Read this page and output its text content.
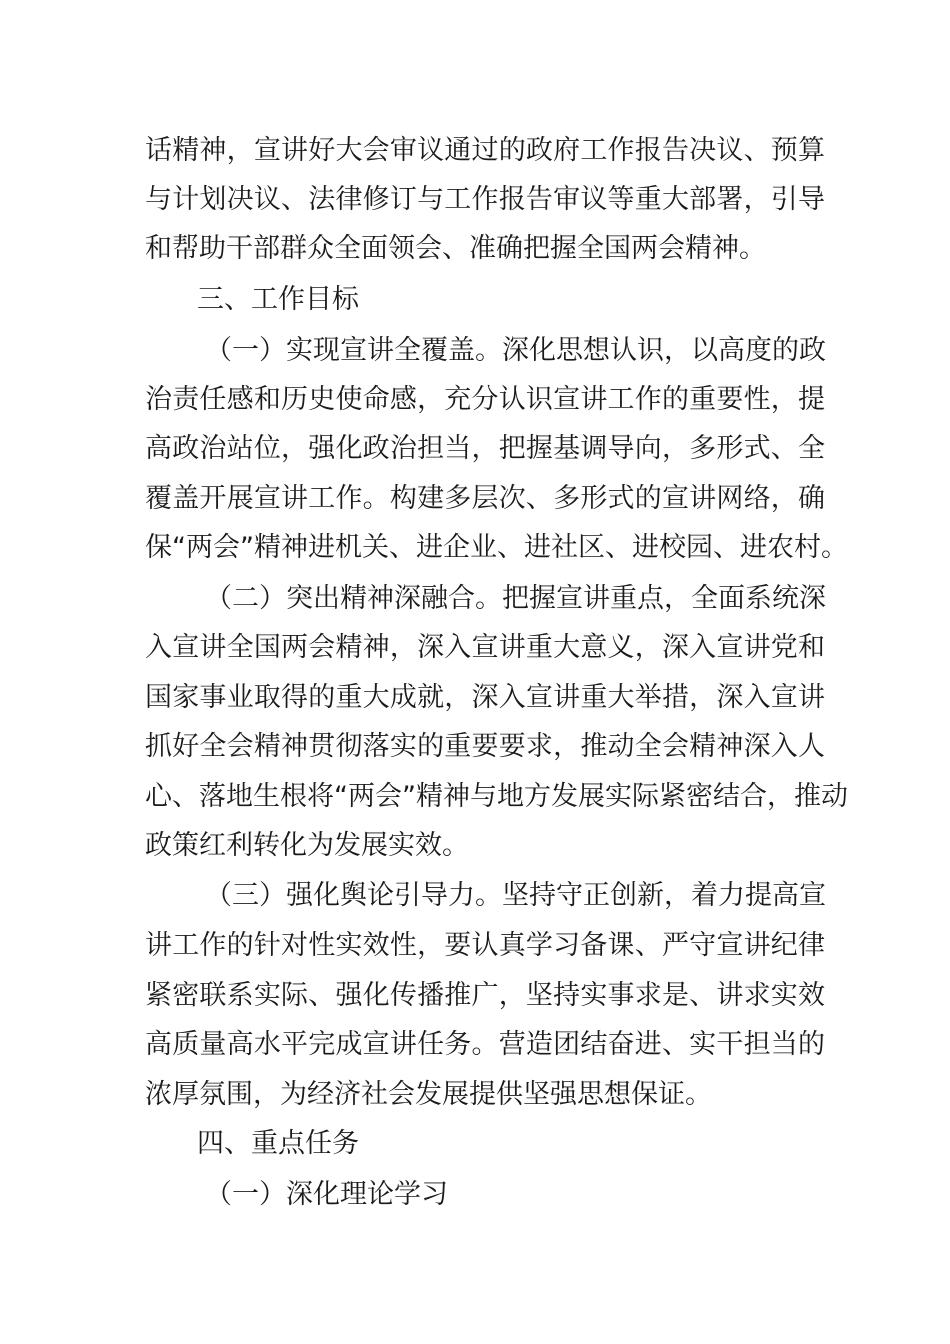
话精神，宣讲好大会审议通过的政府工作报告决议、预算
与计划决议、法律修订与工作报告审议等重大部署，引导
和帮助干部群众全面领会、准确把握全国两会精神。
三、工作目标
（一）实现宣讲全覆盖。深化思想认识，以高度的政
治责任感和历史使命感，充分认识宣讲工作的重要性，提
高政治站位，强化政治担当，把握基调导向，多形式、全
覆盖开展宣讲工作。构建多层次、多形式的宣讲网络，确
保“两会”精神进机关、进企业、进社区、进校园、进农村。
（二）突出精神深融合。把握宣讲重点，全面系统深
入宣讲全国两会精神，深入宣讲重大意义，深入宣讲党和
国家事业取得的重大成就，深入宣讲重大举措，深入宣讲
抓好全会精神贯彻落实的重要要求，推动全会精神深入人
心、落地生根将“两会”精神与地方发展实际紧密结合，推动
政策红利转化为发展实效。
（三）强化舆论引导力。坚持守正创新，着力提高宣
讲工作的针对性实效性，要认真学习备课、严守宣讲纪律
紧密联系实际、强化传播推广，坚持实事求是、讲求实效
高质量高水平完成宣讲任务。营造团结奋进、实干担当的
浓厚氛围，为经济社会发展提供坚强思想保证。
四、重点任务
（一）深化理论学习
